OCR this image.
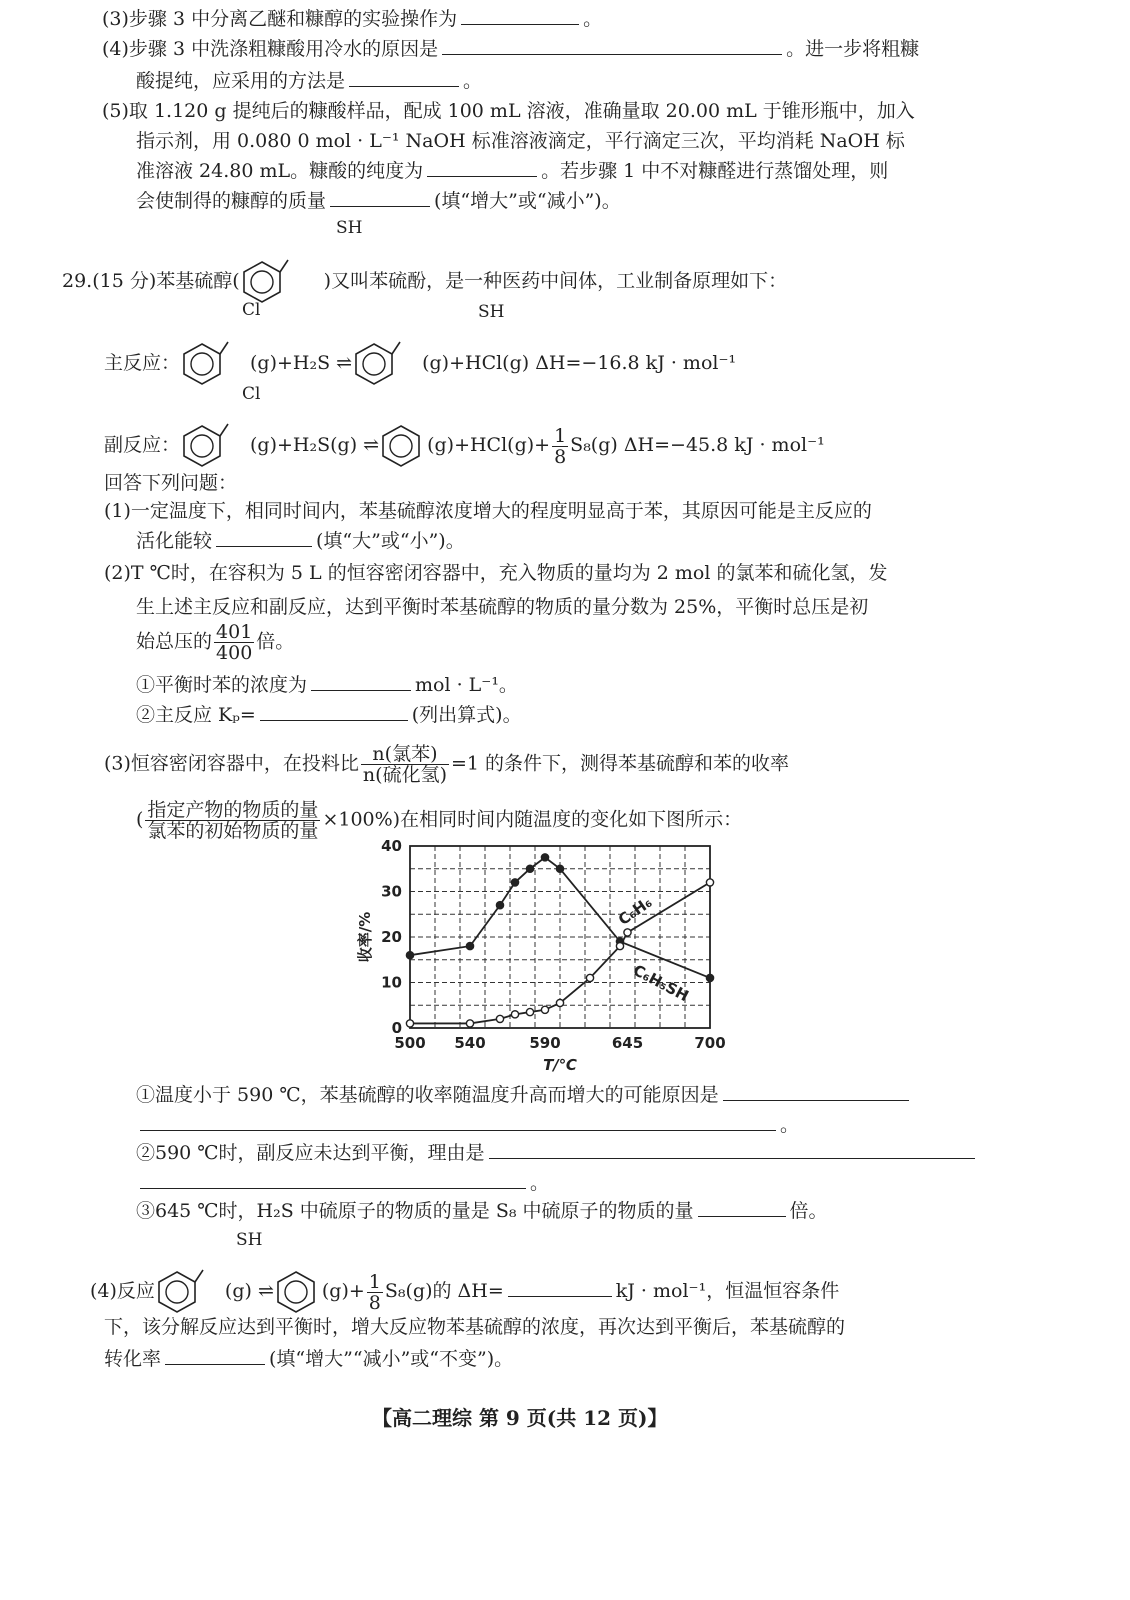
(3)步骤 3 中分离乙醚和糠醇的实验操作为	。
(4)步骤 3 中洗涤粗糠酸用冷水的原因是	。进一步将粗糠
酸提纯，应采用的方法是	。
(5)取 1.120 g 提纯后的糠酸样品，配成 100 mL 溶液，准确量取 20.00 mL 于锥形瓶中，加入
指示剂，用 0.080 0 mol · L⁻¹ NaOH 标准溶液滴定，平行滴定三次，平均消耗 NaOH 标
准溶液 24.80 mL。糠酸的纯度为	。若步骤 1 中不对糠醛进行蒸馏处理，则
会使制得的糠醇的质量	(填“增大”或“减小”)。
SH
29.(15 分)苯基硫醇(	)又叫苯硫酚，是一种医药中间体，工业制备原理如下：
Cl	SH
主反应：	(g)+H₂S ⇌	(g)+HCl(g) ΔH=−16.8 kJ · mol⁻¹
Cl
副反应：	(g)+H₂S(g) ⇌	$(g)+HCl(g)+ \frac{1}{8} S_8(g)$ ΔH=−45.8 kJ · mol⁻¹
回答下列问题：
(1)一定温度下，相同时间内，苯基硫醇浓度增大的程度明显高于苯，其原因可能是主反应的
活化能较	(填“大”或“小”)。
(2)T ℃时，在容积为 5 L 的恒容密闭容器中，充入物质的量均为 2 mol 的氯苯和硫化氢，发
生上述主反应和副反应，达到平衡时苯基硫醇的物质的量分数为 25%，平衡时总压是初
始总压的 $\frac{401}{400}$ 倍。
①平衡时苯的浓度为	mol · L⁻¹。
②主反应 Kₚ=	(列出算式)。
(3)恒容密闭容器中，在投料比 $\frac{\text{n(氯苯)}}{\text{n(硫化氢)}} =1$ 的条件下，测得苯基硫醇和苯的收率
( $\frac{\text{指定产物的物质的量}}{\text{氯苯的初始物质的量}} \times 100\%$)在相同时间内随温度的变化如下图所示：
0
10
20
30
40
500 540	590	645	700
收率/%
T/℃
C₆H₆
C₆H₅SH
①温度小于 590 ℃，苯基硫醇的收率随温度升高而增大的可能原因是
。
②590 ℃时，副反应未达到平衡，理由是
。
③645 ℃时，H₂S 中硫原子的物质的量是 S₈ 中硫原子的物质的量	倍。
SH
(4)反应	(g) ⇌	$(g)+ \frac{1}{8} S_8(g)$的 ΔH=	kJ · mol⁻¹，恒温恒容条件
下，该分解反应达到平衡时，增大反应物苯基硫醇的浓度，再次达到平衡后，苯基硫醇的
转化率	(填“增大”“减小”或“不变”)。
【高二理综 第 9 页(共 12 页)】
